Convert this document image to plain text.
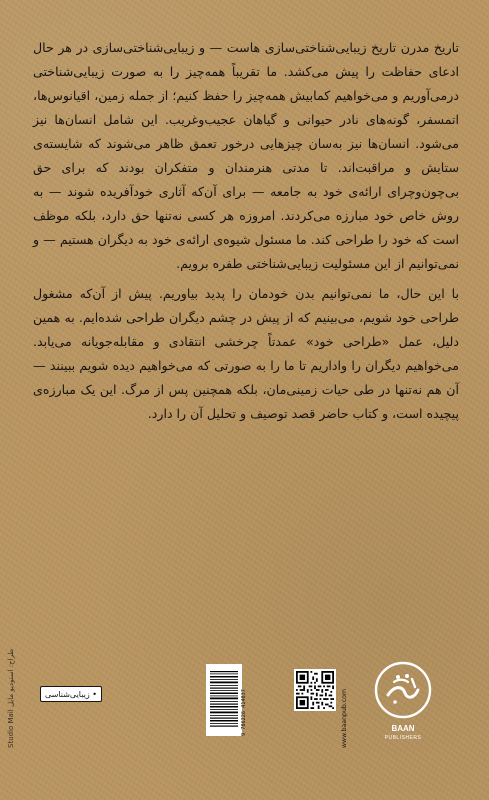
تاریخ مدرن تاریخ زیبایی‌شناختی‌سازی هاست — و زیبایی‌شناختی‌سازی در هر حال ادعای حفاظت را پیش می‌کشد. ما تقریباً همه‌چیز را به صورت زیبایی‌شناختی درمی‌آوریم و می‌خواهیم کمابیش همه‌چیز را حفظ کنیم؛ از جمله زمین، اقیانوس‌ها، اتمسفر، گونه‌های نادر حیوانی و گیاهان عجیب‌وغریب. این شامل انسان‌ها نیز می‌شود. انسان‌ها نیز به‌سان چیزهایی درخور تعمق ظاهر می‌شوند که شایسته‌ی ستایش و مراقبت‌اند. تا مدتی هنرمندان و متفکران بودند که برای حق بی‌چون‌وچرای ارائه‌ی خود به جامعه — برای آن‌که آثاری خودآفریده شوند — به روش خاص خود مبارزه می‌کردند. امروزه هر کسی نه‌تنها حق دارد، بلکه موظف است که خود را طراحی کند. ما مسئول شیوه‌ی ارائه‌ی خود به دیگران هستیم — و نمی‌توانیم از این مسئولیت زیبایی‌شناختی طفره برویم.

با این حال، ما نمی‌توانیم بدن خودمان را پدید بیاوریم. پیش از آن‌که مشغول طراحی خود شویم، می‌بینیم که از پیش در چشم دیگران طراحی شده‌ایم. به همین دلیل، عمل «طراحی خود» عمدتاً چرخشی انتقادی و مقابله‌جویانه می‌یابد. می‌خواهیم دیگران را واداریم تا ما را به صورتی که می‌خواهیم دیده شویم ببینند — آن هم نه‌تنها در طی حیات زمینی‌مان، بلکه همچنین پس از مرگ. این یک مبارزه‌ی پیچیده است، و کتاب حاضر قصد توصیف و تحلیل آن را دارد.

طراح: استودیو مایل Studio Mail	• زیبایی‌شناسی	9 786226 414837	www.baanpub.com	BAAN
PUBLISHERS
